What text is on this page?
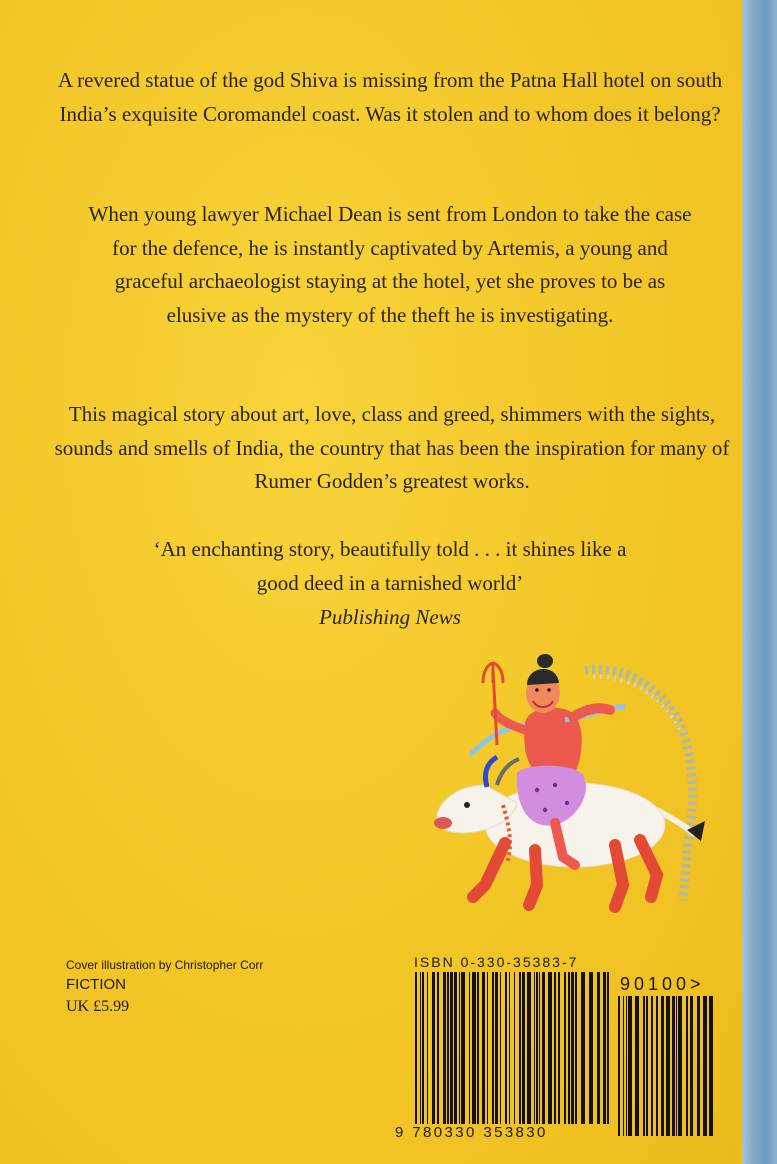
A revered statue of the god Shiva is missing from the Patna Hall hotel on south India’s exquisite Coromandel coast. Was it stolen and to whom does it belong?

When young lawyer Michael Dean is sent from London to take the case for the defence, he is instantly captivated by Artemis, a young and graceful archaeologist staying at the hotel, yet she proves to be as elusive as the mystery of the theft he is investigating.

This magical story about art, love, class and greed, shimmers with the sights, sounds and smells of India, the country that has been the inspiration for many of Rumer Godden’s greatest works.

‘An enchanting story, beautifully told . . . it shines like a good deed in a tarnished world’
Publishing News
Cover illustration by Christopher Corr
FICTION
UK £5.99
ISBN 0-330-35383-7
9 780330 353830
90100>
